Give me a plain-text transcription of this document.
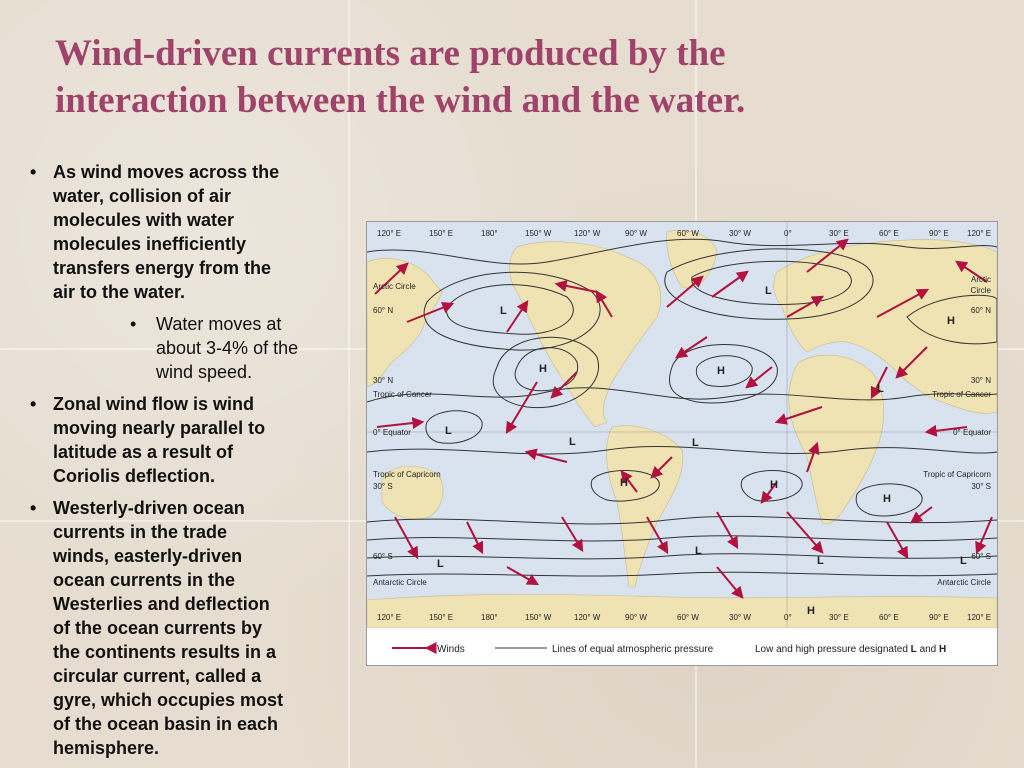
Wind-driven currents are produced by the
interaction between the wind and the water.
• As wind moves across the
water, collision of air
molecules with water
molecules inefficiently
transfers energy from the
air to the water.
• Water moves at
about 3-4% of the
wind speed.
• Zonal wind flow is wind
moving nearly parallel to
latitude as a result of
Coriolis deflection.
• Westerly-driven ocean
currents in the trade
winds, easterly-driven
ocean currents in the
Westerlies and deflection
of the ocean currents by
the continents results in a
circular current, called a
gyre, which occupies most
of the ocean basin in each
hemisphere.
L
L
H
H	H
L
L
L	L
H	H
H
L
L
L	L
H
120° E	150° E	180°	150° W	120° W	90° W	60° W	30° W	0°	30° E	60° E	90° E 120° E
120° E	150° E	180°	150° W	120° W	90° W	60° W	30° W	0°	30° E	60° E	90° E 120° E
Arctic Circle
60° N
30° N
Tropic of Cancer
0° Equator
Tropic of Capricorn
30° S
60° S
Antarctic Circle
Arctic
Circle
60° N
30° N
Tropic of Cancer
0° Equator
Tropic of Capricorn
30° S
60° S
Antarctic Circle
Winds	Lines of equal atmospheric pressure	Low and high pressure designated L and H
